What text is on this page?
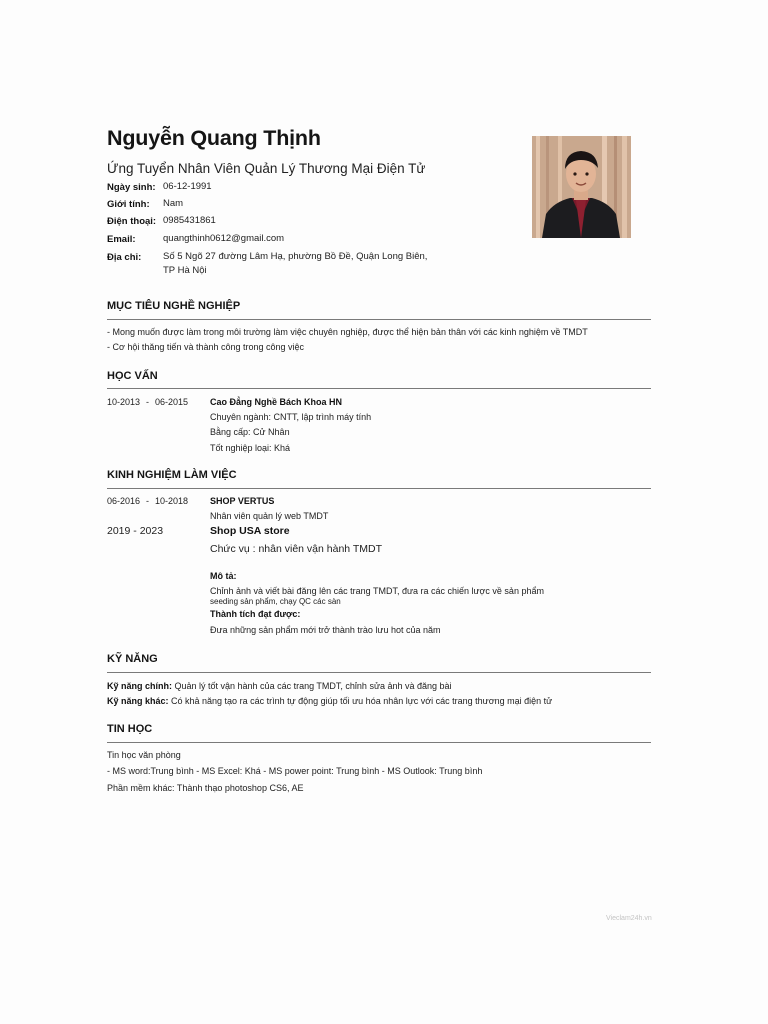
Nguyễn Quang Thịnh
Ứng Tuyển Nhân Viên Quản Lý Thương Mại Điện Tử
Ngày sinh: 06-12-1991
Giới tính: Nam
Điện thoại: 0985431861
Email:	quangthinh0612@gmail.com
Địa chỉ: Số 5 Ngõ 27 đường Lâm Hạ, phường Bồ Đề, Quận Long Biên,
TP Hà Nội
MỤC TIÊU NGHỀ NGHIỆP
- Mong muốn được làm trong môi trường làm việc chuyên nghiệp, được thể hiện bản thân với các kinh nghiệm về TMDT
- Cơ hội thăng tiến và thành công trong công việc
HỌC VẤN
10-2013 - 06-2015 Cao Đẳng Nghề Bách Khoa HN
Chuyên ngành: CNTT, lập trình máy tính
Bằng cấp: Cử Nhân
Tốt nghiệp loại: Khá
KINH NGHIỆM LÀM VIỆC
06-2016 - 10-2018 SHOP VERTUS
Nhân viên quản lý web TMDT
2019 - 2023	Shop USA store
Chức vụ : nhân viên vận hành TMDT
Mô tả:
Chỉnh ảnh và viết bài đăng lên các trang TMDT, đưa ra các chiến lược về sản phẩm
seeding sản phẩm, chạy QC các sàn
Thành tích đạt được:
Đưa những sản phẩm mới trở thành trào lưu hot của năm
KỸ NĂNG
Kỹ năng chính: Quản lý tốt vận hành của các trang TMDT, chỉnh sửa ảnh và đăng bài
Kỹ năng khác: Có khả năng tạo ra các trình tự động giúp tối ưu hóa nhân lực với các trang thương mại điện tử
TIN HỌC
Tin học văn phòng
- MS word:Trung bình - MS Excel: Khá - MS power point: Trung bình - MS Outlook: Trung bình
Phần mềm khác: Thành thạo photoshop CS6, AE
Vieclam24h.vn
